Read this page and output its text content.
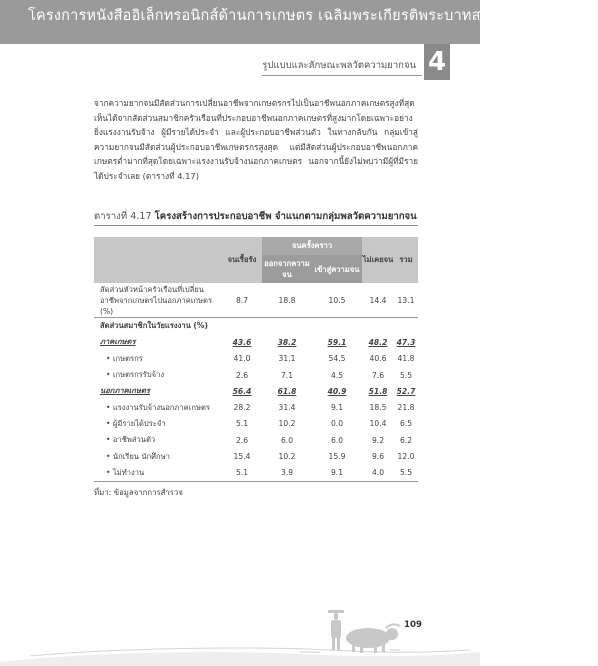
โครงการหนังสืออิเล็กทรอนิกส์ด้านการเกษตร เฉลิมพระเกียรติพระบาทสมเด็จพระเจ้าอยู่หัว
4
รูปแบบและลักษณะพลวัตความยากจน

จากความยากจนมีสัดส่วนการเปลี่ยนอาชีพจากเกษตรกรไปเป็นอาชีพนอกภาคเกษตรสูงที่สุด เห็นได้จากสัดส่วนสมาชิกครัวเรือนที่ประกอบอาชีพนอกภาคเกษตรที่สูงมากโดยเฉพาะอย่างยิ่งแรงงานรับจ้าง ผู้มีรายได้ประจำ และผู้ประกอบอาชีพส่วนตัว ในทางกลับกัน กลุ่มเข้าสู่ความยากจนมีสัดส่วนผู้ประกอบอาชีพเกษตรกรสูงสุด แต่มีสัดส่วนผู้ประกอบอาชีพนอกภาคเกษตรต่ำมากที่สุดโดยเฉพาะแรงงานรับจ้างนอกภาคเกษตร นอกจากนี้ยังไม่พบว่ามีผู้ที่มีรายได้ประจำเลย (ตารางที่ 4.17)

ตารางที่ 4.17 โครงสร้างการประกอบอาชีพ จำแนกตามกลุ่มพลวัตความยากจน
	จนเรื้อรัง	จนครั้งคราว		ไม่เคยจน	รวม
		ออกจากความจน	เข้าสู่ความจน		
สัดส่วนหัวหน้าครัวเรือนที่เปลี่ยนอาชีพจากเกษตรไปนอกภาคเกษตร (%)	8.7	18.8	10.5	14.4	13.1
สัดส่วนสมาชิกในวัยแรงงาน (%)					
ภาคเกษตร	43.6	38.2	59.1	48.2	47.3
• เกษตรกร	41.0	31.1	54.5	40.6	41.8
• เกษตรกรรับจ้าง	2.6	7.1	4.5	7.6	5.5
นอกภาคเกษตร	56.4	61.8	40.9	51.8	52.7
• แรงงานรับจ้างนอกภาคเกษตร	28.2	31.4	9.1	18.5	21.8
• ผู้มีรายได้ประจำ	5.1	10.2	0.0	10.4	6.5
• อาชีพส่วนตัว	2.6	6.0	6.0	9.2	6.2
• นักเรียน นักศึกษา	15.4	10.2	15.9	9.6	12.0
• ไม่ทำงาน	5.1	3.9	9.1	4.0	5.5
ที่มา: ข้อมูลจากการสำรวจ
109
